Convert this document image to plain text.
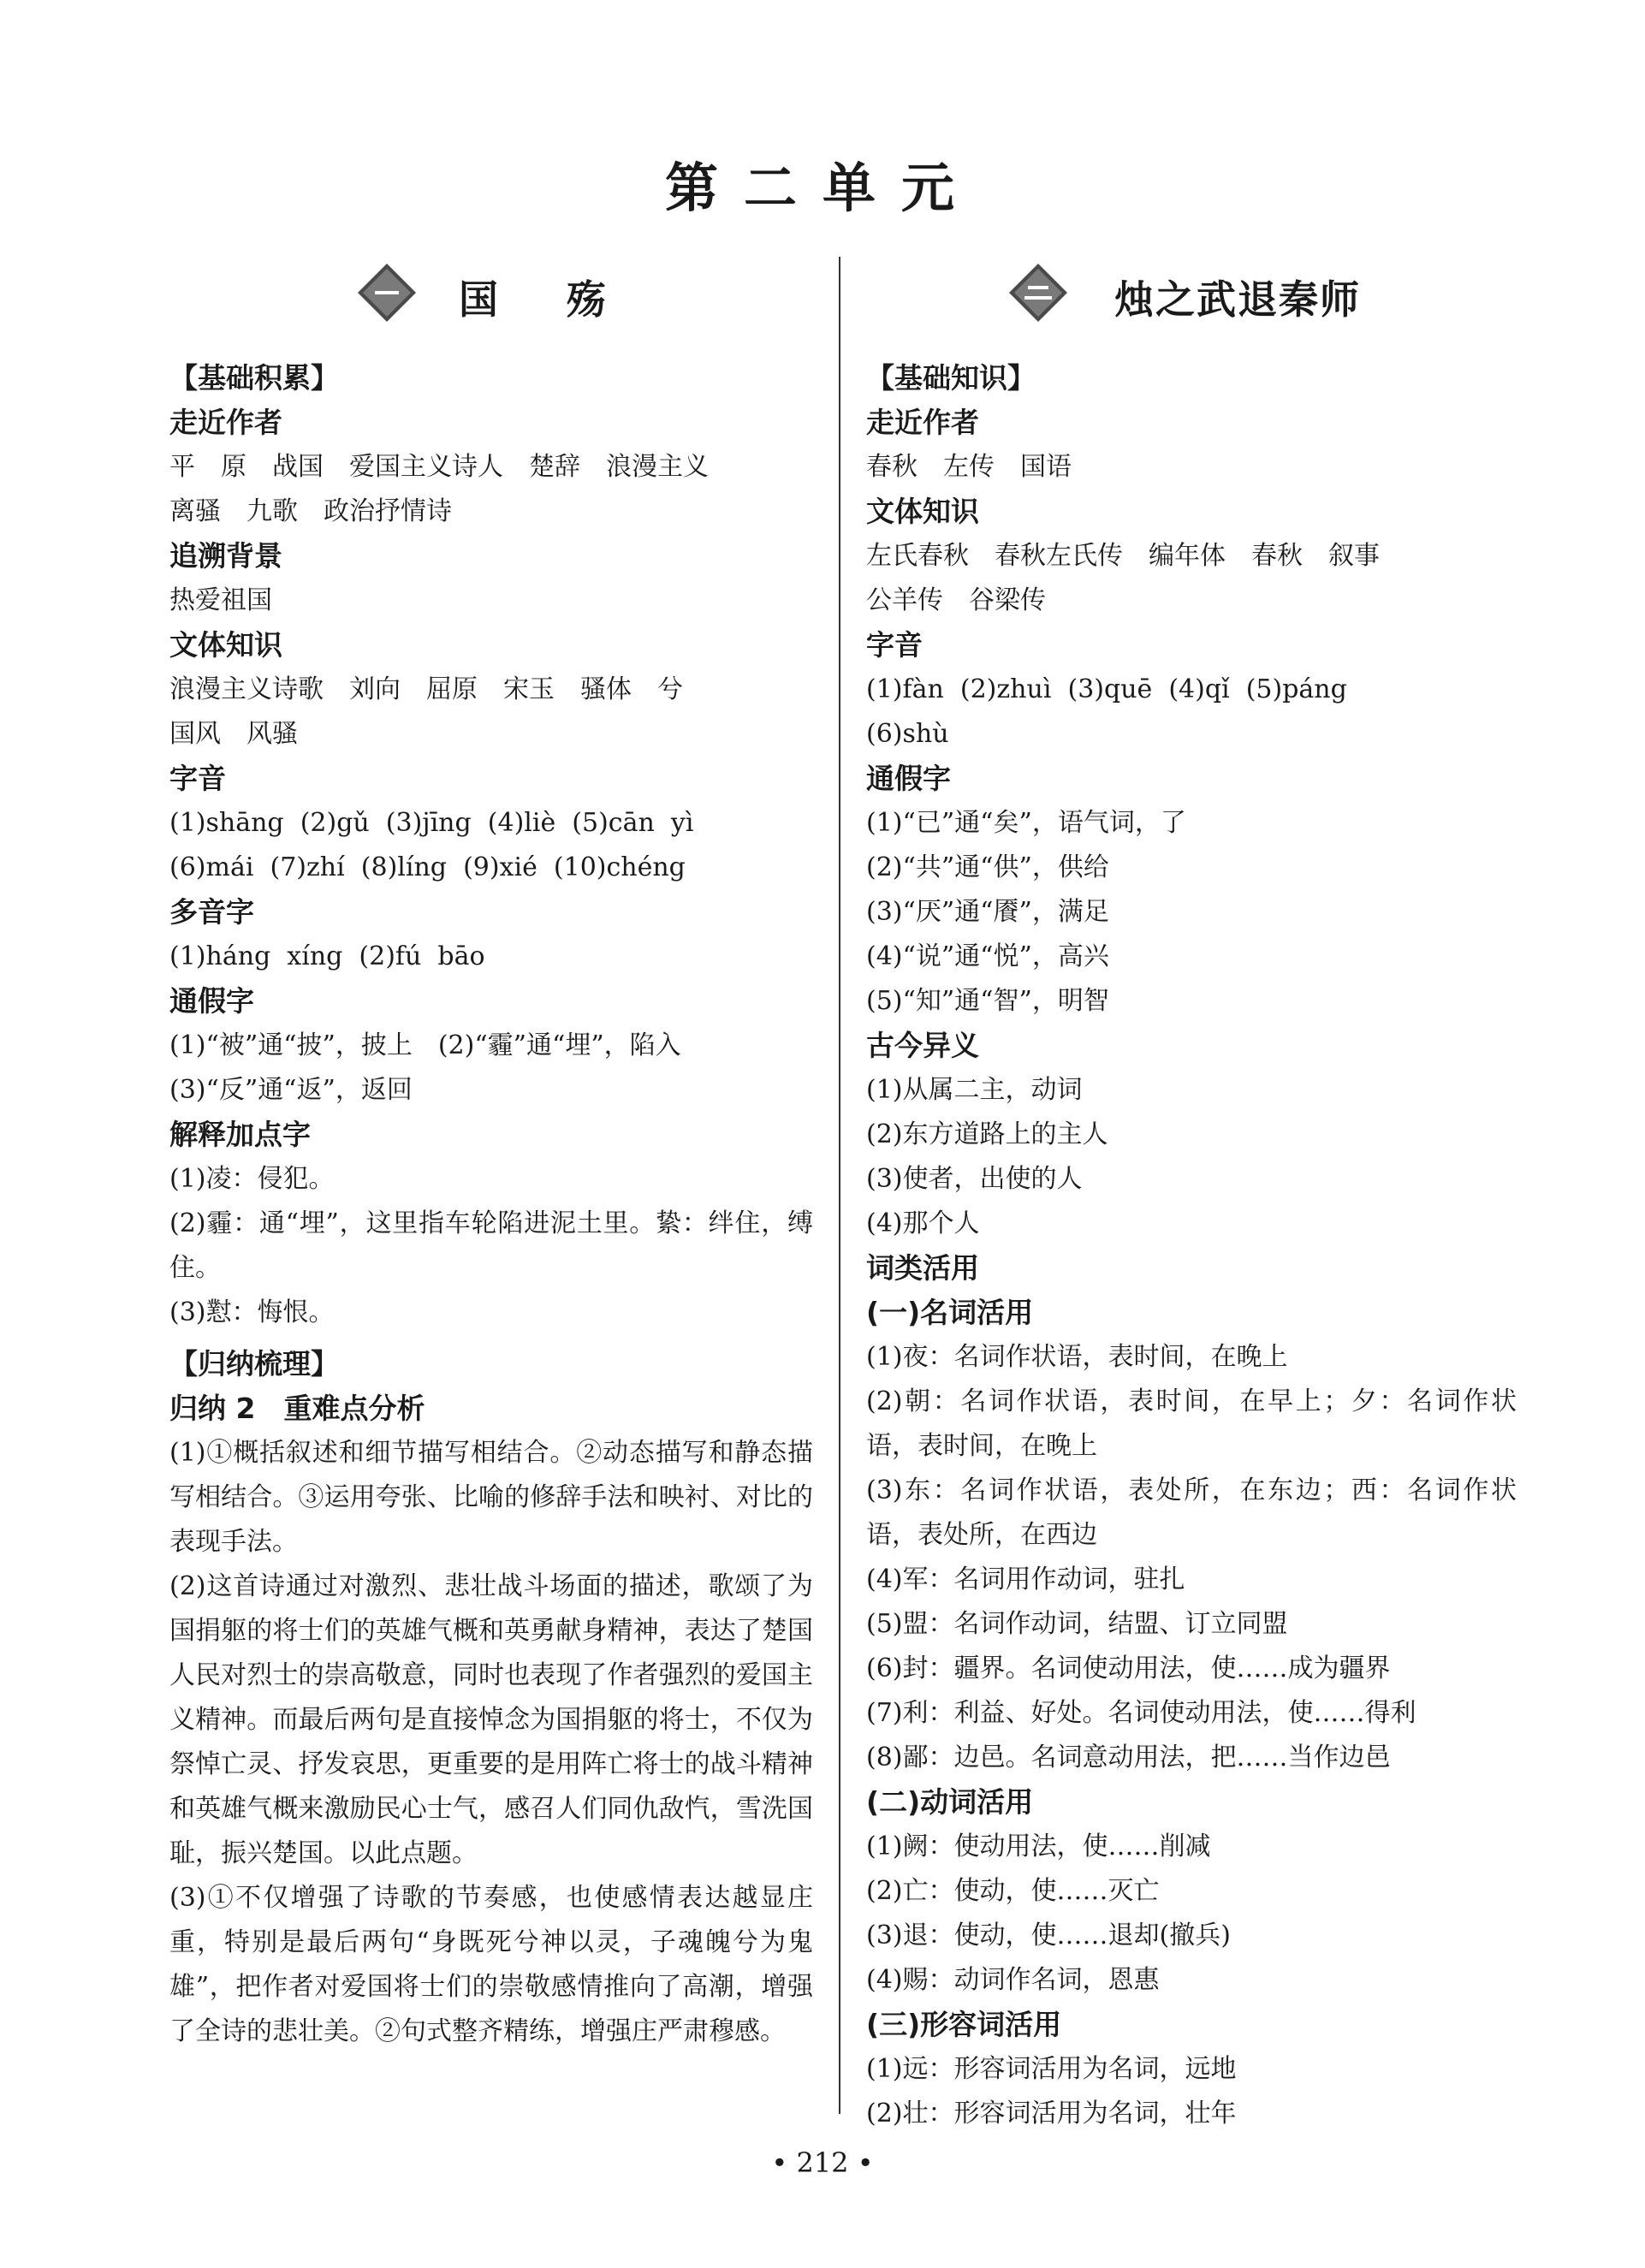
第二单元
国殇
【基础积累】
走近作者
平　原　战国　爱国主义诗人　楚辞　浪漫主义
离骚　九歌　政治抒情诗
追溯背景
热爱祖国
文体知识
浪漫主义诗歌　刘向　屈原　宋玉　骚体　兮
国风　风骚
字音
(1)shāng  (2)gǔ  (3)jīng  (4)liè  (5)cān  yì
(6)mái  (7)zhí  (8)líng  (9)xié  (10)chéng
多音字
(1)háng  xíng  (2)fú  bāo
通假字
(1)“被”通“披”，披上　(2)“霾”通“埋”，陷入
(3)“反”通“返”，返回
解释加点字
(1)凌：侵犯。
(2)霾：通“埋”，这里指车轮陷进泥土里。絷：绊住，缚住。
(3)懟：悔恨。
【归纳梳理】
归纳 2　重难点分析
(1)①概括叙述和细节描写相结合。②动态描写和静态描写相结合。③运用夸张、比喻的修辞手法和映衬、对比的表现手法。
(2)这首诗通过对激烈、悲壮战斗场面的描述，歌颂了为国捐躯的将士们的英雄气概和英勇献身精神，表达了楚国人民对烈士的崇高敬意，同时也表现了作者强烈的爱国主义精神。而最后两句是直接悼念为国捐躯的将士，不仅为祭悼亡灵、抒发哀思，更重要的是用阵亡将士的战斗精神和英雄气概来激励民心士气，感召人们同仇敌忾，雪洗国耻，振兴楚国。以此点题。
(3)①不仅增强了诗歌的节奏感，也使感情表达越显庄重，特别是最后两句“身既死兮神以灵，子魂魄兮为鬼雄”，把作者对爱国将士们的崇敬感情推向了高潮，增强了全诗的悲壮美。②句式整齐精练，增强庄严肃穆感。
烛之武退秦师
【基础知识】
走近作者
春秋　左传　国语
文体知识
左氏春秋　春秋左氏传　编年体　春秋　叙事
公羊传　谷梁传
字音
(1)fàn  (2)zhuì  (3)quē  (4)qǐ  (5)páng
(6)shù
通假字
(1)“已”通“矣”，语气词，了
(2)“共”通“供”，供给
(3)“厌”通“餍”，满足
(4)“说”通“悦”，高兴
(5)“知”通“智”，明智
古今异义
(1)从属二主，动词
(2)东方道路上的主人
(3)使者，出使的人
(4)那个人
词类活用
(一)名词活用
(1)夜：名词作状语，表时间，在晚上
(2)朝：名词作状语，表时间，在早上；夕：名词作状语，表时间，在晚上
(3)东：名词作状语，表处所，在东边；西：名词作状语，表处所，在西边
(4)军：名词用作动词，驻扎
(5)盟：名词作动词，结盟、订立同盟
(6)封：疆界。名词使动用法，使……成为疆界
(7)利：利益、好处。名词使动用法，使……得利
(8)鄙：边邑。名词意动用法，把……当作边邑
(二)动词活用
(1)阙：使动用法，使……削减
(2)亡：使动，使……灭亡
(3)退：使动，使……退却(撤兵)
(4)赐：动词作名词，恩惠
(三)形容词活用
(1)远：形容词活用为名词，远地
(2)壮：形容词活用为名词，壮年
• 212 •
